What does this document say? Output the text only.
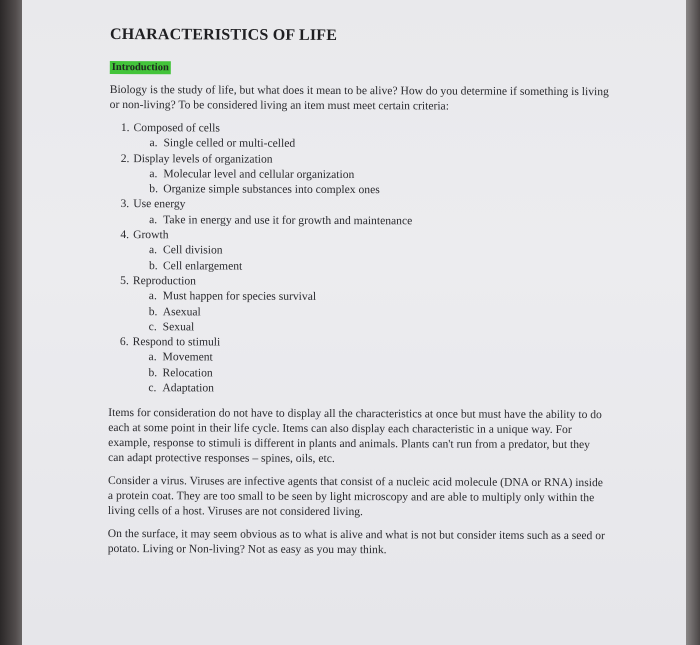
CHARACTERISTICS OF LIFE
Introduction

Biology is the study of life, but what does it mean to be alive? How do you determine if something is living or non-living? To be considered living an item must meet certain criteria:

1. Composed of cells
a. Single celled or multi-celled
2. Display levels of organization
a. Molecular level and cellular organization
b. Organize simple substances into complex ones
3. Use energy
a. Take in energy and use it for growth and maintenance
4. Growth
a. Cell division
b. Cell enlargement
5. Reproduction
a. Must happen for species survival
b. Asexual
c. Sexual
6. Respond to stimuli
a. Movement
b. Relocation
c. Adaptation

Items for consideration do not have to display all the characteristics at once but must have the ability to do each at some point in their life cycle. Items can also display each characteristic in a unique way. For example, response to stimuli is different in plants and animals. Plants can't run from a predator, but they can adapt protective responses – spines, oils, etc.

Consider a virus. Viruses are infective agents that consist of a nucleic acid molecule (DNA or RNA) inside a protein coat. They are too small to be seen by light microscopy and are able to multiply only within the living cells of a host. Viruses are not considered living.

On the surface, it may seem obvious as to what is alive and what is not but consider items such as a seed or potato. Living or Non-living? Not as easy as you may think.
